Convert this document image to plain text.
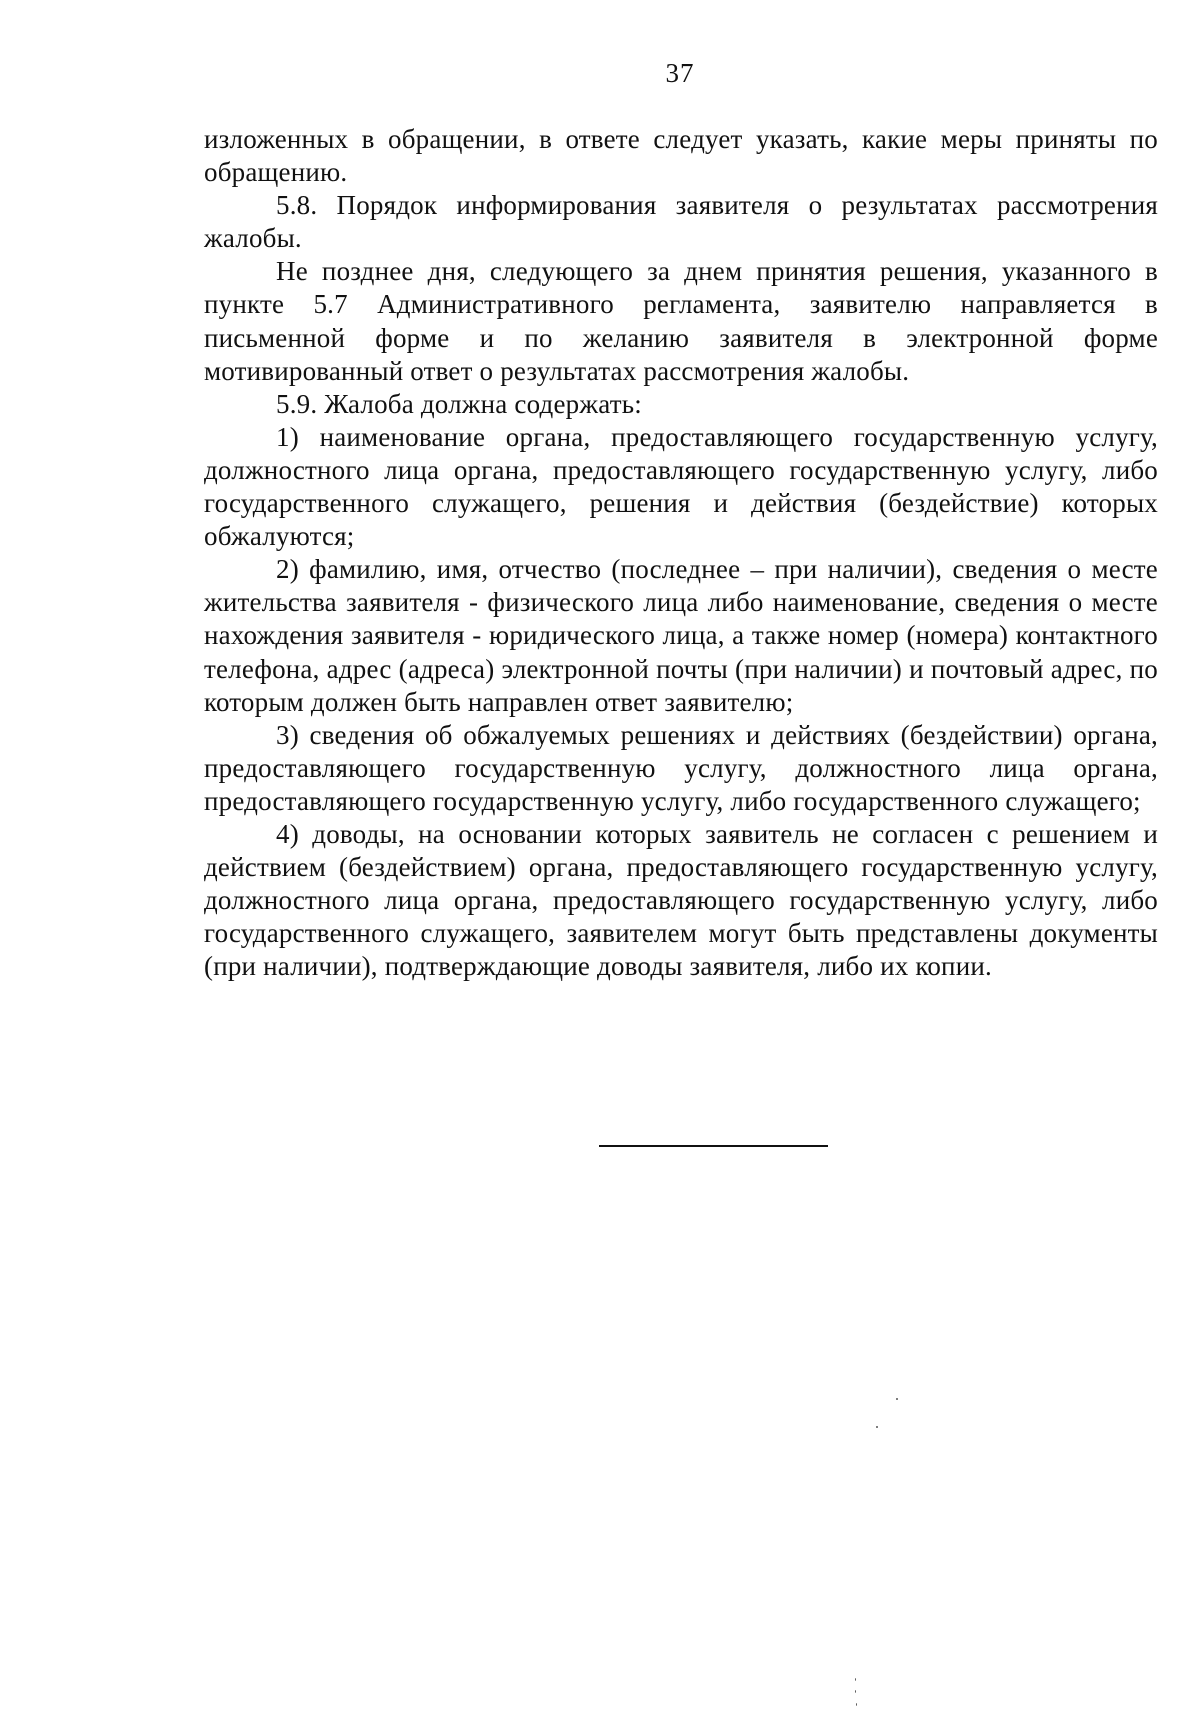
37

изложенных в обращении, в ответе следует указать, какие меры приняты по обращению.

5.8. Порядок информирования заявителя о результатах рассмотрения жалобы.

Не позднее дня, следующего за днем принятия решения, указанного в пункте 5.7 Административного регламента, заявителю направляется в письменной форме и по желанию заявителя в электронной форме мотивированный ответ о результатах рассмотрения жалобы.

5.9. Жалоба должна содержать:

1) наименование органа, предоставляющего государственную услугу, должностного лица органа, предоставляющего государственную услугу, либо государственного служащего, решения и действия (бездействие) которых обжалуются;

2) фамилию, имя, отчество (последнее – при наличии), сведения о месте жительства заявителя - физического лица либо наименование, сведения о месте нахождения заявителя - юридического лица, а также номер (номера) контактного телефона, адрес (адреса) электронной почты (при наличии) и почтовый адрес, по которым должен быть направлен ответ заявителю;

3) сведения об обжалуемых решениях и действиях (бездействии) органа, предоставляющего государственную услугу, должностного лица органа, предоставляющего государственную услугу, либо государственного служащего;

4) доводы, на основании которых заявитель не согласен с решением и действием (бездействием) органа, предоставляющего государственную услугу, должностного лица органа, предоставляющего государственную услугу, либо государственного служащего, заявителем могут быть представлены документы (при наличии), подтверждающие доводы заявителя, либо их копии.
